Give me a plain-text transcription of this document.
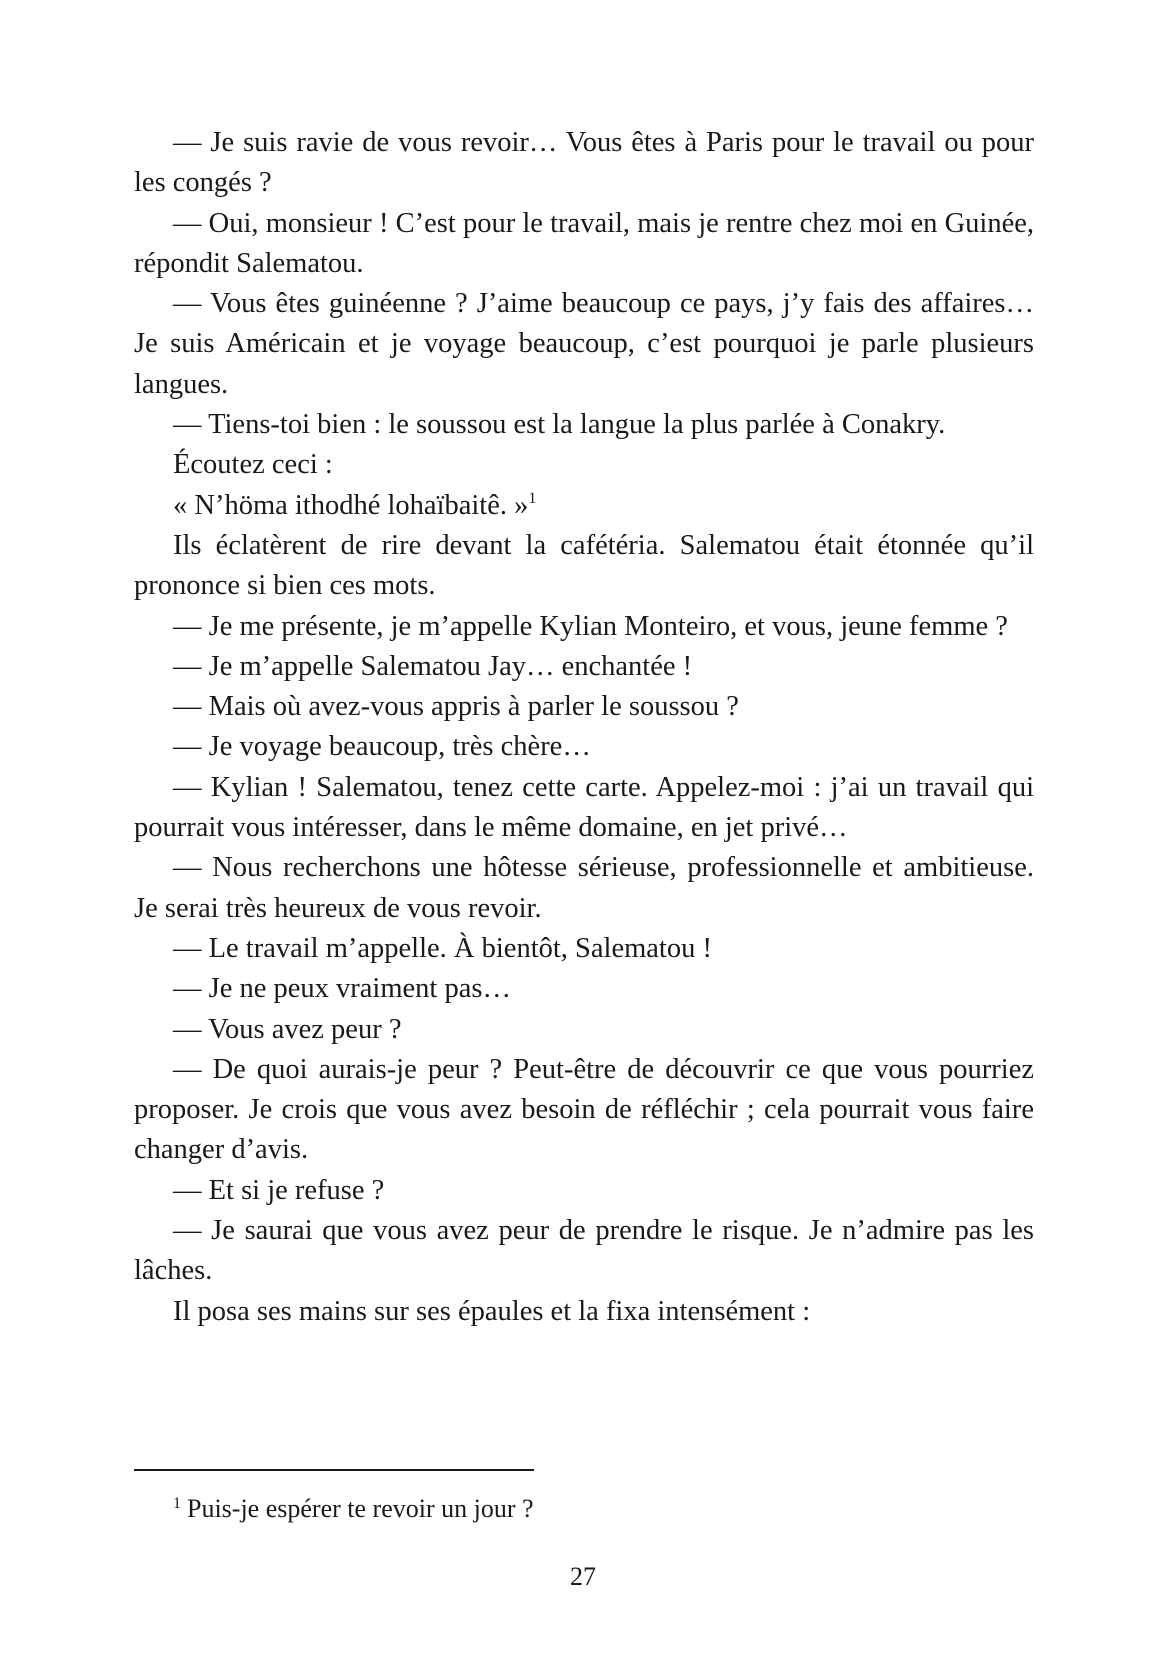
— Je suis ravie de vous revoir… Vous êtes à Paris pour le travail ou pour les congés ?

— Oui, monsieur ! C’est pour le travail, mais je rentre chez moi en Guinée, répondit Salematou.

— Vous êtes guinéenne ? J’aime beaucoup ce pays, j’y fais des affaires… Je suis Américain et je voyage beaucoup, c’est pourquoi je parle plusieurs langues.

— Tiens-toi bien : le soussou est la langue la plus parlée à Conakry.

Écoutez ceci :

« N’höma ithodhé lohaïbaitê. »$^1$

Ils éclatèrent de rire devant la cafétéria. Salematou était étonnée qu’il prononce si bien ces mots.

— Je me présente, je m’appelle Kylian Monteiro, et vous, jeune femme ?

— Je m’appelle Salematou Jay… enchantée !

— Mais où avez-vous appris à parler le soussou ?

— Je voyage beaucoup, très chère…

— Kylian ! Salematou, tenez cette carte. Appelez-moi : j’ai un travail qui pourrait vous intéresser, dans le même domaine, en jet privé…

— Nous recherchons une hôtesse sérieuse, professionnelle et ambitieuse. Je serai très heureux de vous revoir.

— Le travail m’appelle. À bientôt, Salematou !

— Je ne peux vraiment pas…

— Vous avez peur ?

— De quoi aurais-je peur ? Peut-être de découvrir ce que vous pourriez proposer. Je crois que vous avez besoin de réfléchir ; cela pourrait vous faire changer d’avis.

— Et si je refuse ?

— Je saurai que vous avez peur de prendre le risque. Je n’admire pas les lâches.

Il posa ses mains sur ses épaules et la fixa intensément :

$^1$ Puis-je espérer te revoir un jour ?
27
